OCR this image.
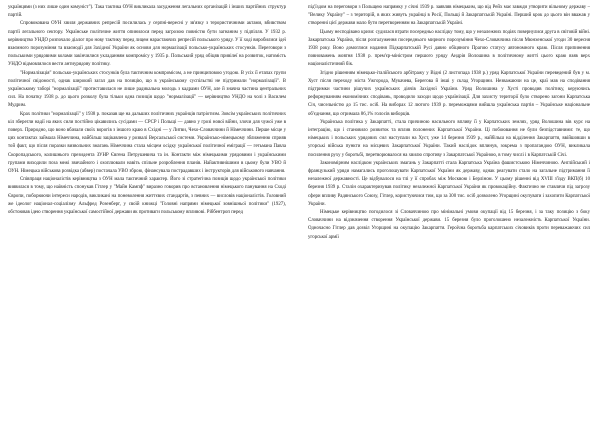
українцями (з них лише один комуніст"). Така тактика ОУН викликала засудження легальних організацій і інших партійних структур партій.

Спровокована ОУН хвиля державних репресій посилилась у серпні-вересні у зв'язку з терористичними актами, вбивством партії легального сектору. Українське політичне життя опинилося перед загрозою повністю бути загнаним у підпілля. У 1932 р. керівництво УНДО розпочало діалог про нову тактику перед лицем нарастаючих репресій польського уряду. У її ході виробилися ідеї взаємного порозуміння та взаємодії для Західної України як основи для нормалізації польсько-українських стосунків. Переговори з польськими урядовими колами закінчилися укладанням компромісу у 1935 р. Польський уряд обіцяв привілеї на розвиток, натомість УНДО відмовлялося вести антиурядову політику.

"Нормалізація" польсько-українських стосунків була тактичним компромісом, а не принциповою угодою. В усіх її етапах групи політичної свідомості, однак широкий загал дав на позицію, що в українському суспільстві не підтримали "нормалізації". В українському таборі "нормалізації" протиставилася не лише радикальна молодь з кадрами ОУН, але й значна частина центральних сил. На початку 1938 р. до цього розколу була тільки одна позиція щодо "нормалізації" — керівництво УНДО на чолі з Василем Мудрим.

Крах політики "нормалізації" у 1938 р. показав ще на дальших політичних українців патріотизм. Зовсім українських політичних кіл зберегли надії на яких сили постійно цікавились сусідами — СРСР і Польщі — давно у грозі нової війни, злочи для чужої уже в поверх. Природно, що воно вбачали своїх ворогів з іншого краю в Східні — у Литви, Чехо-Словаччини й Німеччини. Перше місце у цих контактах займала Німеччина, найбільш зацікавлена у розвалі Версальської системи. Українсько-німецькому зближенню сприяв той факт, що після поразки визвольних змагань Німеччина стала місцем осідку української політичної еміграції — гетьмана Павла Скоропадського, колишнього президента ЗУНР Євгена Петрушевича та ін. Контакти між німецькими урядовими і українськими групами виходили поза межі звичайного і охоплювали навіть спільне розроблення планів. Найактивнішими в цьому були УВО й ОУН. Німецька військова розвідка (абвер) постачала УВО зброю, фінансувала пострадавших і інструкторів для військового навчання.

Співпраця націоналістів керівництва з ОУН мала тактичний характер. Його зі стратегічна позиція щодо української політики виявилася в тому, що наївність спонукав Гітлер у "Майн Кампф" виразно говорив про встановлення німецького панування на Сході Європи, поборюючи інтереси народів, викликані на поневолення життєвих стандартів, з певних — висловів націоналістів. Головний же ідеолог націонал-соціалізму Альфред Розенберг, у своїй книжці "Головні напрями німецької зовнішньої політики" (1927), обстоював ідею створення української самостійної держави як противаги польському впливові. Ріббентроп перед

під'їздом на переговори з Польщею напрямку у січні 1939 р. заявляв німецьким, що від Рейх має завжди утворити вільному державу – "Велику Україну" – з територій, в яких живуть українці в Росії, Польщі й Закарпатській Україні. Перший крок до цього він вважав у створенні цієї держави мало бути перетворенням на Закарпатській Україні.

Цьому несподівано кризи: судилася втрати посередньо наслідку тому, що у незалежних подіях повернулися друга в світовій війні. Закарпатська Україна, після розгалуження посереднього мирного порозуміння Чехо-Словаччина після Мюнхенської угоди 30 вересня 1938 року. Воно домоглися надання Підкарпатській Русі давно обіцяного Прагою статусу автономного краю. Після припинення повноважень жовтня 1938 р. прем'єр-міністром першого уряду Андрія Волошина в політичному житті цього краю взяв верх націоналістичний бік.

Згідно рішенням німецько-італійського арбітражу у Відні (2 листопада 1938 р.) уряд Карпатської України переведений був у м. Хуст після переходу міста Ужгорода, Мукачева, Берегова й інші у склад Угорщини. Незважаючи на це, краї мав на сподівання підтримки частини рішучих українських діячів Західної України. Уряд Волошина у Хусті проводив політику, керуючись реформуванням економічних сподівань, проводило заходи щодо українізації. Для захисту території було створено загони Карпатська Січ, чисельністю до 15 тис. осіб. На виборах 12 лютого 1939 р. переможцями вийшла українська партія – Українське національне об'єднання, що отримала 86,1% голосів виборців.

Українська політика у Закарпатті, стала причиною насильного впливу її у Карпатських землях, уряд Волошина вів курс на інтеграцію, що і становило розвиток та вплив полонених Карпатської України. Ці побоювання не були безпідставними: те, що німецьких і польських урядових сил наступали на Хуст, уже 14 березня 1939 р., найбільш на відділення Закарпаття, ввійшовши в угорські війська пункти на місцевих Закарпатської України. Такий наслідок вплинув, зокрема з пропагандою ОУН, викликала посилення руху у боротьбі, перетворювалося на хвилю спротиву з Закарпатської Україною, в тому числі і в Карпатській Січі.

Закономірним наслідком українських змагань у Закарпатті стала Карпатська Україна фашистською Німеччиною. Англійський і французький уряди намагались проголошувати Карпатської України як державу, однак реагувати стало на загальне підтримання її незалежної державності. Це відбувалося на тлі у її спробах між Москвою і Берліном. У цьому рішенні від ХVІІІ з'їзду ВКП(б) 10 березня 1939 р. Сталін охарактеризував політику незалежної Карпатської України як провокаційну. Фактично не ставлячи під загрозу сфери впливу Радянського Союзу, Гітлер, користуючися тим, що за 300 тис. осіб дозволено Угорщині окупувати і захопити Карпатської України.

Німецьке керівництво погодилося зі Словаччиною про мінімальні умови окупації від 15 березня, і за таку позицію з боку Словаччини на відзначення створення Української держави. 15 березня було проголошено незалежність Карпатської України. Одночасно Гітлер дав дозвіл Угорщині на окупацію Закарпаття. Героїчна боротьба карпатських січовиків проти переважаючих сил угорської армії
